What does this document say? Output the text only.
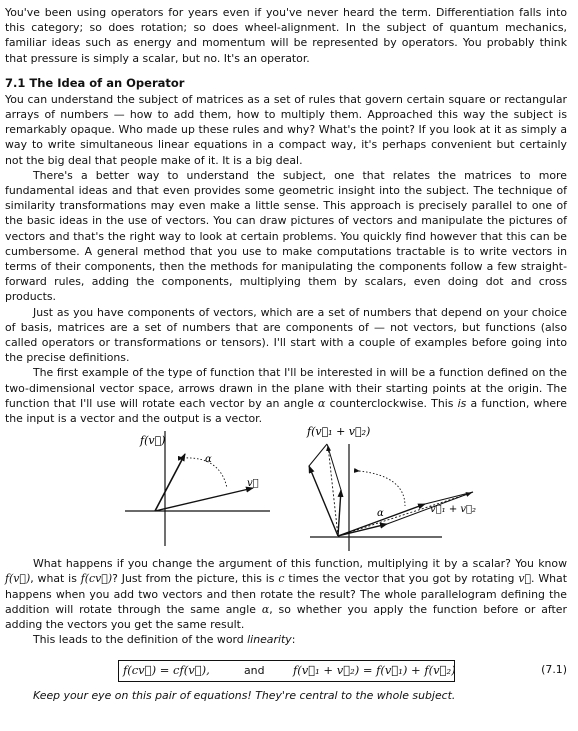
You've been using operators for years even if you've never heard the term. Differentiation falls into this category; so does rotation; so does wheel-alignment. In the subject of quantum mechanics, familiar ideas such as energy and momentum will be represented by operators. You probably think that pressure is simply a scalar, but no. It's an operator.

7.1 The Idea of an Operator

You can understand the subject of matrices as a set of rules that govern certain square or rectangular arrays of numbers — how to add them, how to multiply them. Approached this way the subject is remarkably opaque. Who made up these rules and why? What's the point? If you look at it as simply a way to write simultaneous linear equations in a compact way, it's perhaps convenient but certainly not the big deal that people make of it. It is a big deal.

There's a better way to understand the subject, one that relates the matrices to more fundamental ideas and that even provides some geometric insight into the subject. The technique of similarity transformations may even make a little sense. This approach is precisely parallel to one of the basic ideas in the use of vectors. You can draw pictures of vectors and manipulate the pictures of vectors and that's the right way to look at certain problems. You quickly find however that this can be cumbersome. A general method that you use to make computations tractable is to write vectors in terms of their components, then the methods for manipulating the components follow a few straight-forward rules, adding the components, multiplying them by scalars, even doing dot and cross products.

Just as you have components of vectors, which are a set of numbers that depend on your choice of basis, matrices are a set of numbers that are components of — not vectors, but functions (also called operators or transformations or tensors). I'll start with a couple of examples before going into the precise definitions.

The first example of the type of function that I'll be interested in will be a function defined on the two-dimensional vector space, arrows drawn in the plane with their starting points at the origin. The function that I'll use will rotate each vector by an angle α counterclockwise. This is a function, where the input is a vector and the output is a vector.

f(v⃗)
α
v⃗
f(v⃗₁ + v⃗₂)
α	v⃗₁ + v⃗₂

What happens if you change the argument of this function, multiplying it by a scalar? You know f(v⃗), what is f(cv⃗)? Just from the picture, this is c times the vector that you got by rotating v⃗. What happens when you add two vectors and then rotate the result? The whole parallelogram defining the addition will rotate through the same angle α, so whether you apply the function before or after adding the vectors you get the same result.

This leads to the definition of the word linearity:

f(cv⃗) = cf(v⃗),	and f(v⃗₁ + v⃗₂) = f(v⃗₁) + f(v⃗₂)	(7.1)

Keep your eye on this pair of equations! They're central to the whole subject.
